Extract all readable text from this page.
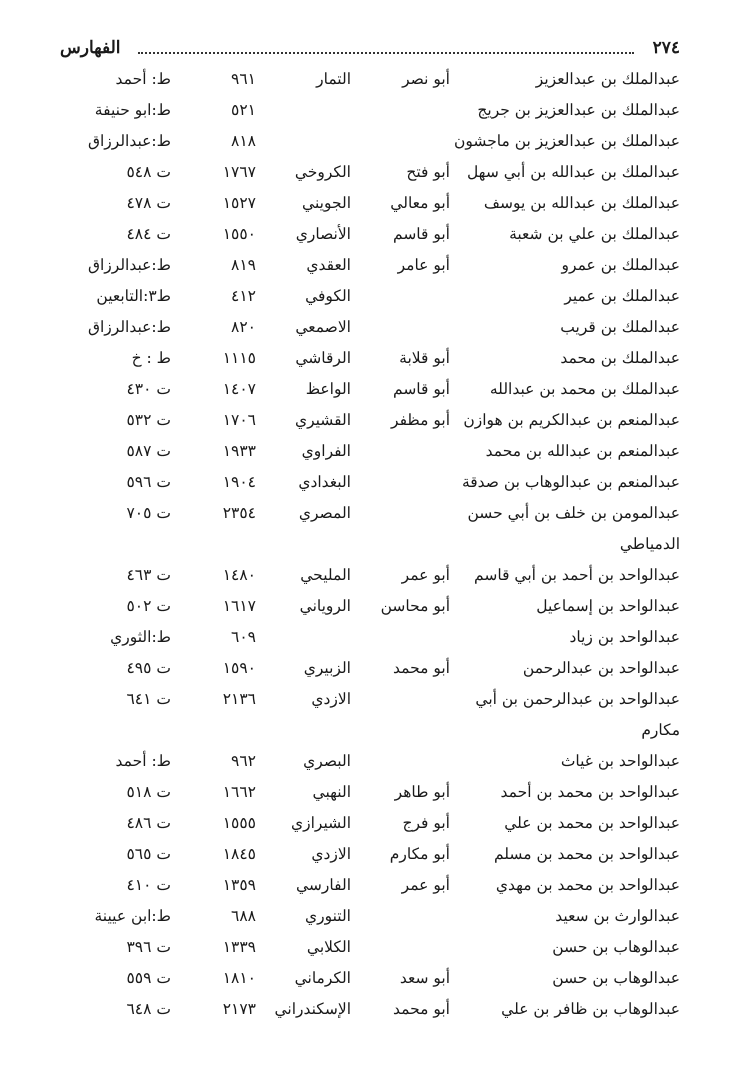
٢٧٤
الفهارس
عبدالملك بن عبدالعزيز
أبو نصر
التمار
٩٦١
ط: أحمد
عبدالملك بن عبدالعزيز بن جريج
٥٢١
ط:ابو حنيفة
عبدالملك بن عبدالعزيز بن ماجشون
٨١٨
ط:عبدالرزاق
عبدالملك بن عبدالله بن أبي سهل
أبو فتح
الكروخي
١٧٦٧
ت ٥٤٨
عبدالملك بن عبدالله بن يوسف
أبو معالي
الجويني
١٥٢٧
ت ٤٧٨
عبدالملك بن علي بن شعبة
أبو قاسم
الأنصاري
١٥٥٠
ت ٤٨٤
عبدالملك بن عمرو
أبو عامر
العقدي
٨١٩
ط:عبدالرزاق
عبدالملك بن عمير
الكوفي
٤١٢
ط٣:التابعين
عبدالملك بن قريب
الاصمعي
٨٢٠
ط:عبدالرزاق
عبدالملك بن محمد
أبو قلابة
الرقاشي
١١١٥
ط : خ
عبدالملك بن محمد بن عبدالله
أبو قاسم
الواعظ
١٤٠٧
ت ٤٣٠
عبدالمنعم بن عبدالكريم بن هوازن
أبو مظفر
القشيري
١٧٠٦
ت ٥٣٢
عبدالمنعم بن عبدالله بن محمد
الفراوي
١٩٣٣
ت ٥٨٧
عبدالمنعم بن عبدالوهاب بن صدقة
البغدادي
١٩٠٤
ت ٥٩٦
عبدالمومن بن خلف بن أبي حسن
المصري
٢٣٥٤
ت ٧٠٥
الدمياطي
عبدالواحد بن أحمد بن أبي قاسم
أبو عمر
المليحي
١٤٨٠
ت ٤٦٣
عبدالواحد بن إسماعيل
أبو محاسن
الروياني
١٦١٧
ت ٥٠٢
عبدالواحد بن زياد
٦٠٩
ط:الثوري
عبدالواحد بن عبدالرحمن
أبو محمد
الزبيري
١٥٩٠
ت ٤٩٥
عبدالواحد بن عبدالرحمن بن أبي
الازدي
٢١٣٦
ت ٦٤١
مكارم
عبدالواحد بن غياث
البصري
٩٦٢
ط: أحمد
عبدالواحد بن محمد بن أحمد
أبو طاهر
النهبي
١٦٦٢
ت ٥١٨
عبدالواحد بن محمد بن علي
أبو فرج
الشيرازي
١٥٥٥
ت ٤٨٦
عبدالواحد بن محمد بن مسلم
أبو مكارم
الازدي
١٨٤٥
ت ٥٦٥
عبدالواحد بن محمد بن مهدي
أبو عمر
الفارسي
١٣٥٩
ت ٤١٠
عبدالوارث بن سعيد
التنوري
٦٨٨
ط:ابن عيينة
عبدالوهاب بن حسن
الكلابي
١٣٣٩
ت ٣٩٦
عبدالوهاب بن حسن
أبو سعد
الكرماني
١٨١٠
ت ٥٥٩
عبدالوهاب بن ظافر بن علي
أبو محمد
الإسكندراني
٢١٧٣
ت ٦٤٨
